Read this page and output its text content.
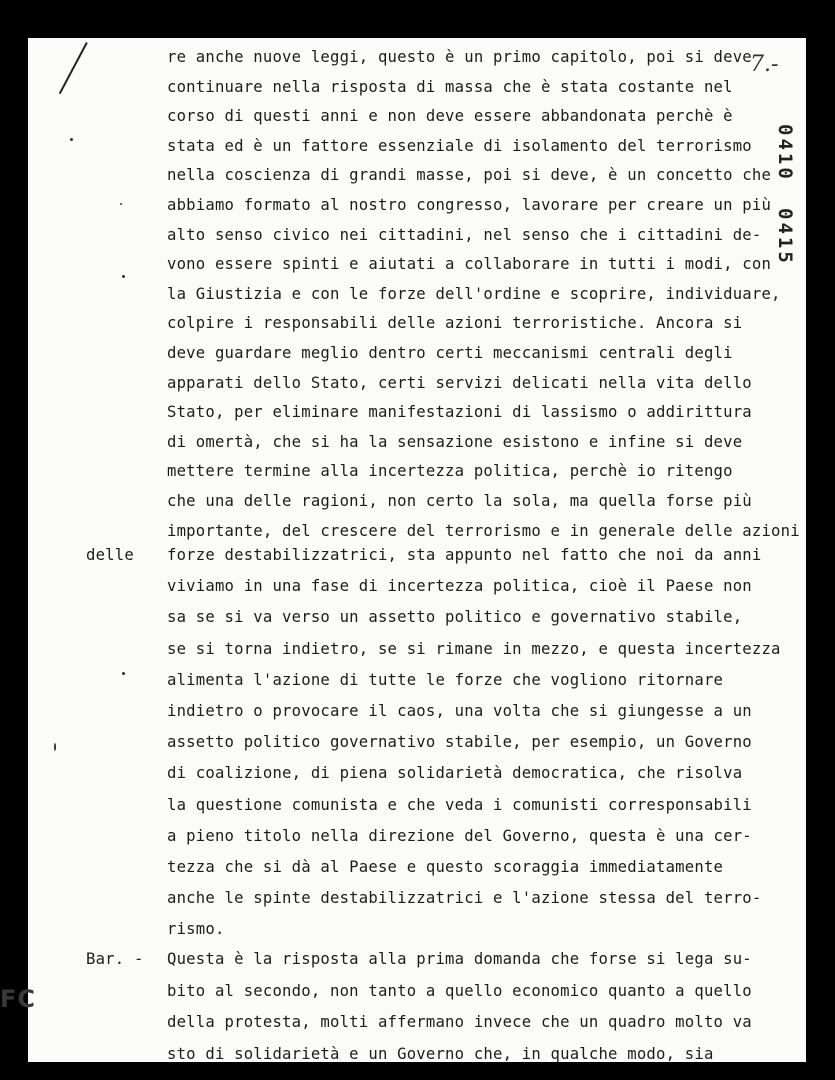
7.-
0410
0415

re anche nuove leggi, questo è un primo capitolo, poi si deve

continuare nella risposta di massa che è stata costante nel

corso di questi anni e non deve essere abbandonata perchè è

stata ed è un fattore essenziale di isolamento del terrorismo

nella coscienza di grandi masse, poi si deve, è un concetto che

abbiamo formato al nostro congresso, lavorare per creare un più

alto senso civico nei cittadini, nel senso che i cittadini de-

vono essere spinti e aiutati a collaborare in tutti i modi, con

la Giustizia e con le forze dell'ordine e scoprire, individuare,

colpire i responsabili delle azioni terroristiche. Ancora si

deve guardare meglio dentro certi meccanismi centrali degli

apparati dello Stato, certi servizi delicati nella vita dello

Stato, per eliminare manifestazioni di lassismo o addirittura

di omertà, che si ha la sensazione esistono e infine si deve

mettere termine alla incertezza politica, perchè io ritengo

che una delle ragioni, non certo la sola, ma quella forse più

importante, del crescere del terrorismo e in generale delle azioni

delle forze destabilizzatrici, sta appunto nel fatto che noi da anni

viviamo in una fase di incertezza politica, cioè il Paese non

sa se si va verso un assetto politico e governativo stabile,

se si torna indietro, se si rimane in mezzo, e questa incertezza

alimenta l'azione di tutte le forze che vogliono ritornare

indietro o provocare il caos, una volta che si giungesse a un

assetto politico governativo stabile, per esempio, un Governo

di coalizione, di piena solidarietà democratica, che risolva

la questione comunista e che veda i comunisti corresponsabili

a pieno titolo nella direzione del Governo, questa è una cer-

tezza che si dà al Paese e questo scoraggia immediatamente

anche le spinte destabilizzatrici e l'azione stessa del terro-

rismo.

Bar. - Questa è la risposta alla prima domanda che forse si lega su-

bito al secondo, non tanto a quello economico quanto a quello

della protesta, molti affermano invece che un quadro molto va

sto di solidarietà e un Governo che, in qualche modo, sia

FC
